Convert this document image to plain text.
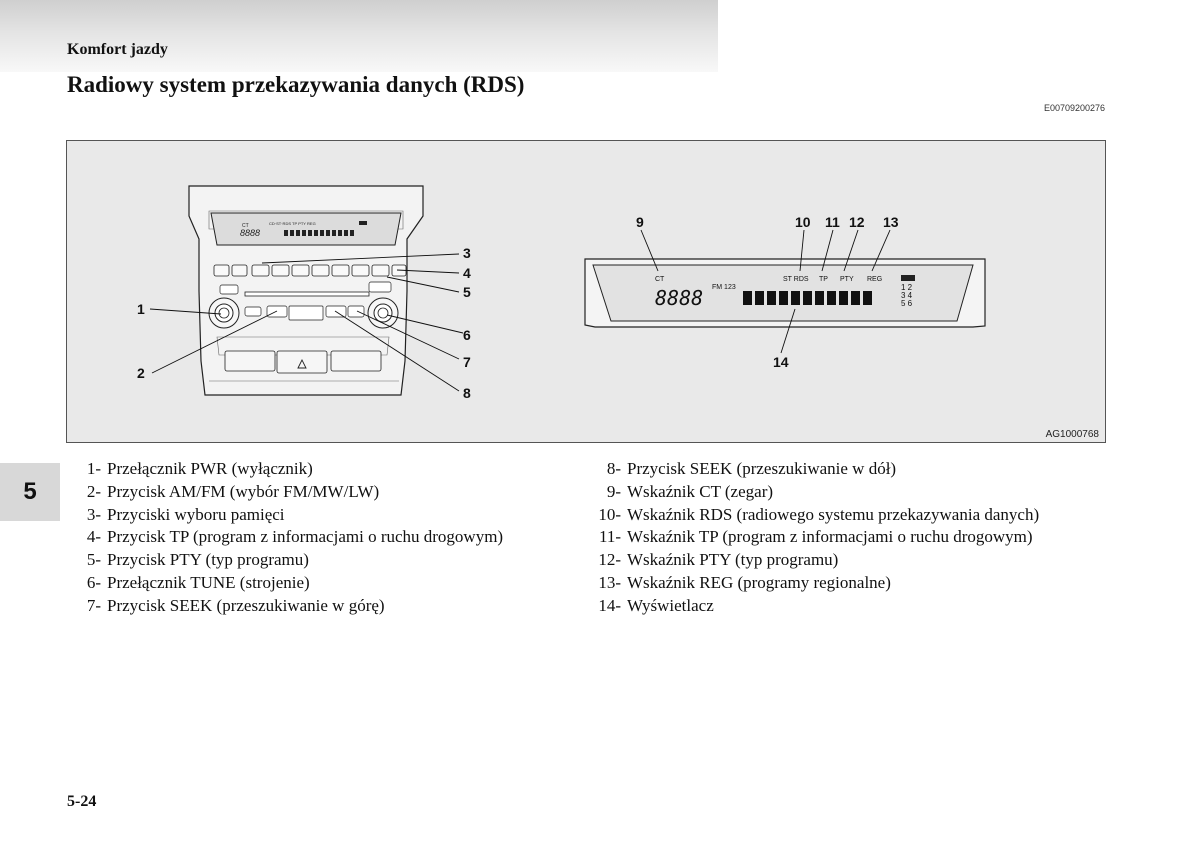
Komfort jazdy
Radiowy system przekazywania danych (RDS)
E00709200276
CT
8888
CD·ST·RDS TP PTY REG
1
2
3
4
5
6
7
8
CT	ST RDS TP PTY REG
8888 FM 123	1 2
3 4
5 6
9	10 11 12 13
14
AG1000768
5
1- Przełącznik PWR (wyłącznik)
2- Przycisk AM/FM (wybór FM/MW/LW)
3- Przyciski wyboru pamięci
4- Przycisk TP (program z informacjami o ruchu drogowym)
5- Przycisk PTY (typ programu)
6- Przełącznik TUNE (strojenie)
7- Przycisk SEEK (przeszukiwanie w górę)
8- Przycisk SEEK (przeszukiwanie w dół)
9- Wskaźnik CT (zegar)
10- Wskaźnik RDS (radiowego systemu przekazywania danych)
11- Wskaźnik TP (program z informacjami o ruchu drogowym)
12- Wskaźnik PTY (typ programu)
13- Wskaźnik REG (programy regionalne)
14- Wyświetlacz
5-24
